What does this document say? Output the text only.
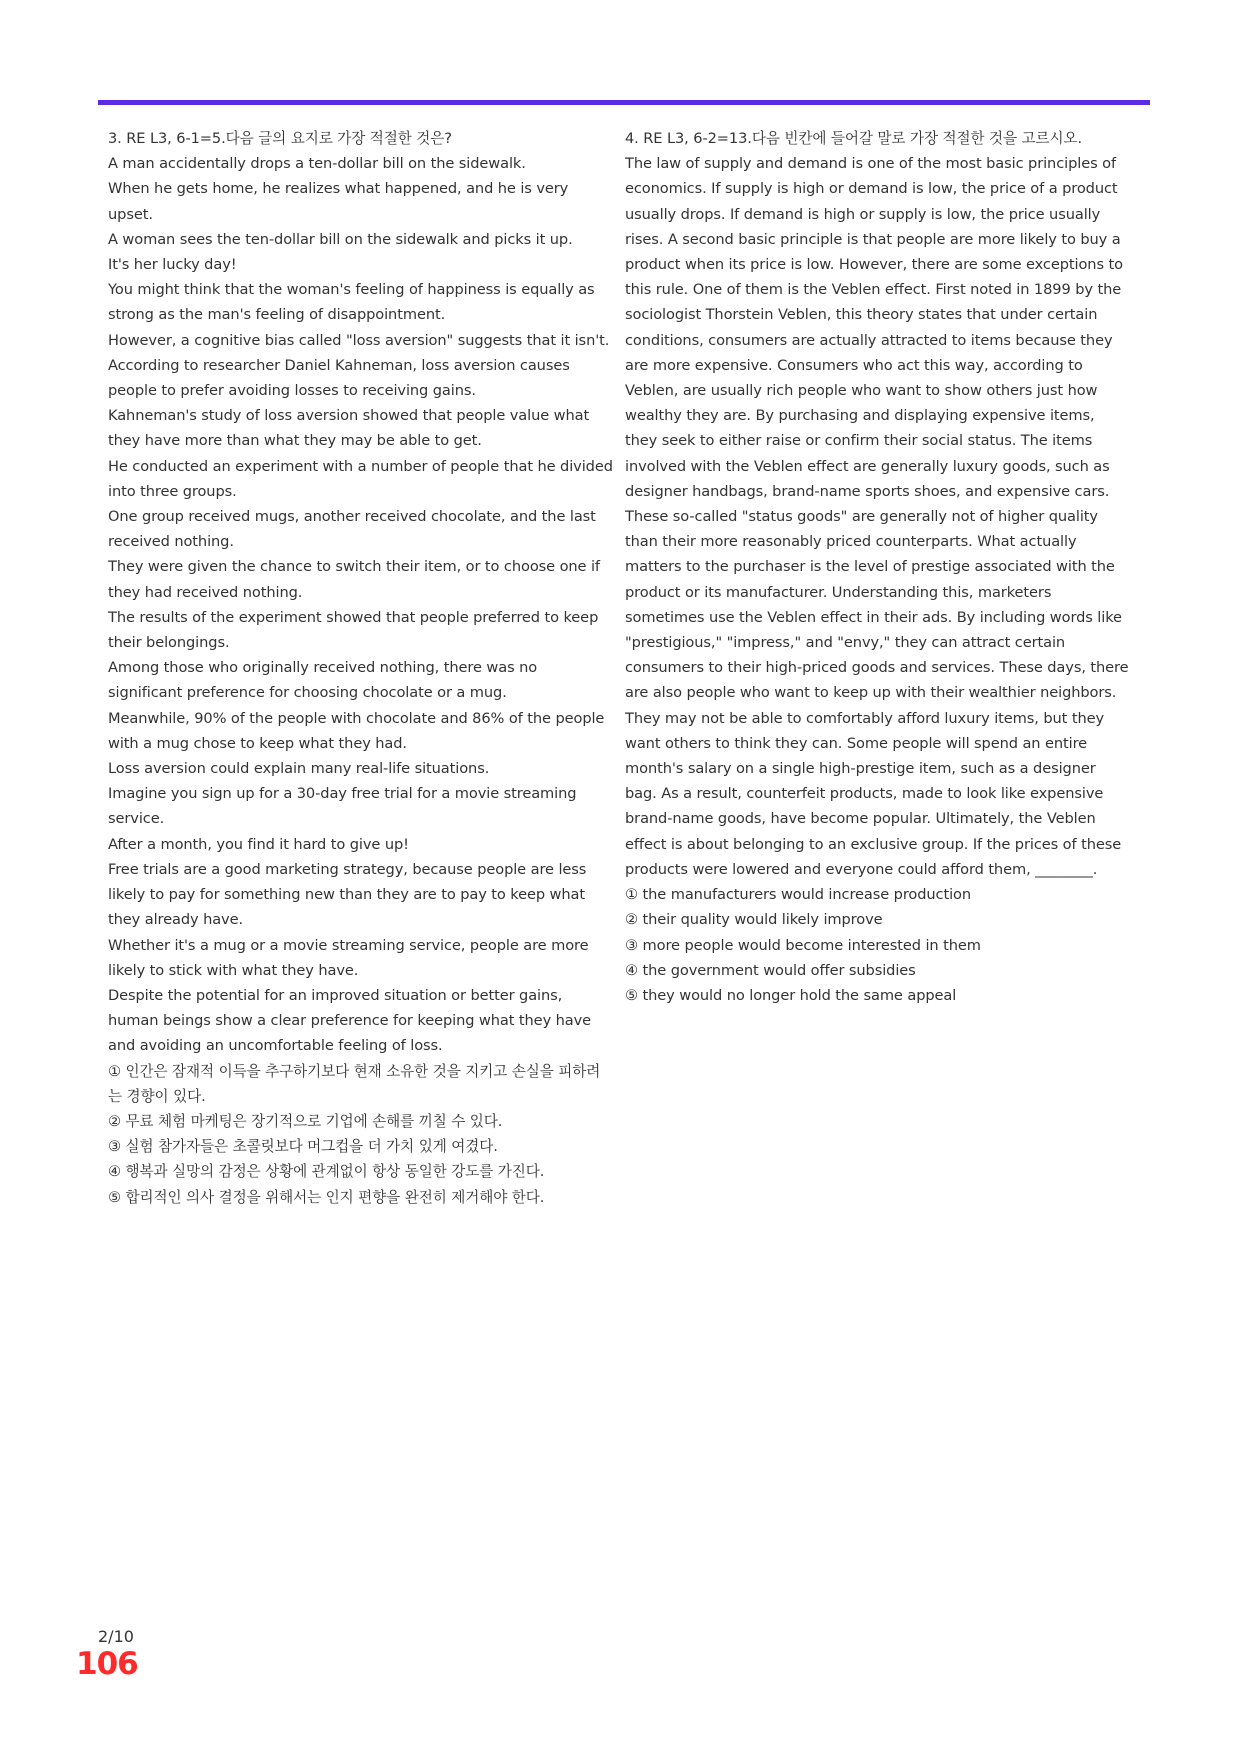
3. RE L3, 6-1=5.다음 글의 요지로 가장 적절한 것은?

A man accidentally drops a ten-dollar bill on the sidewalk.

When he gets home, he realizes what happened, and he is very upset.

A woman sees the ten-dollar bill on the sidewalk and picks it up.

It's her lucky day!

You might think that the woman's feeling of happiness is equally as strong as the man's feeling of disappointment.

However, a cognitive bias called "loss aversion" suggests that it isn't.

According to researcher Daniel Kahneman, loss aversion causes people to prefer avoiding losses to receiving gains.

Kahneman's study of loss aversion showed that people value what they have more than what they may be able to get.

He conducted an experiment with a number of people that he divided into three groups.

One group received mugs, another received chocolate, and the last received nothing.

They were given the chance to switch their item, or to choose one if they had received nothing.

The results of the experiment showed that people preferred to keep their belongings.

Among those who originally received nothing, there was no significant preference for choosing chocolate or a mug.

Meanwhile, 90% of the people with chocolate and 86% of the people with a mug chose to keep what they had.

Loss aversion could explain many real-life situations.

Imagine you sign up for a 30-day free trial for a movie streaming service.

After a month, you find it hard to give up!

Free trials are a good marketing strategy, because people are less likely to pay for something new than they are to pay to keep what they already have.

Whether it's a mug or a movie streaming service, people are more likely to stick with what they have.

Despite the potential for an improved situation or better gains, human beings show a clear preference for keeping what they have and avoiding an uncomfortable feeling of loss.

① 인간은 잠재적 이득을 추구하기보다 현재 소유한 것을 지키고 손실을 피하려는 경향이 있다.
② 무료 체험 마케팅은 장기적으로 기업에 손해를 끼칠 수 있다.
③ 실험 참가자들은 초콜릿보다 머그컵을 더 가치 있게 여겼다.
④ 행복과 실망의 감정은 상황에 관계없이 항상 동일한 강도를 가진다.
⑤ 합리적인 의사 결정을 위해서는 인지 편향을 완전히 제거해야 한다.

4. RE L3, 6-2=13.다음 빈칸에 들어갈 말로 가장 적절한 것을 고르시오.

The law of supply and demand is one of the most basic principles of economics. If supply is high or demand is low, the price of a product usually drops. If demand is high or supply is low, the price usually rises. A second basic principle is that people are more likely to buy a product when its price is low. However, there are some exceptions to this rule. One of them is the Veblen effect. First noted in 1899 by the sociologist Thorstein Veblen, this theory states that under certain conditions, consumers are actually attracted to items because they are more expensive. Consumers who act this way, according to Veblen, are usually rich people who want to show others just how wealthy they are. By purchasing and displaying expensive items, they seek to either raise or confirm their social status. The items involved with the Veblen effect are generally luxury goods, such as designer handbags, brand-name sports shoes, and expensive cars. These so-called "status goods" are generally not of higher quality than their more reasonably priced counterparts. What actually matters to the purchaser is the level of prestige associated with the product or its manufacturer. Understanding this, marketers sometimes use the Veblen effect in their ads. By including words like "prestigious," "impress," and "envy," they can attract certain consumers to their high-priced goods and services. These days, there are also people who want to keep up with their wealthier neighbors. They may not be able to comfortably afford luxury items, but they want others to think they can. Some people will spend an entire month's salary on a single high-prestige item, such as a designer bag. As a result, counterfeit products, made to look like expensive brand-name goods, have become popular. Ultimately, the Veblen effect is about belonging to an exclusive group. If the prices of these products were lowered and everyone could afford them, ________.

① the manufacturers would increase production
② their quality would likely improve
③ more people would become interested in them
④ the government would offer subsidies
⑤ they would no longer hold the same appeal
2/10
106
